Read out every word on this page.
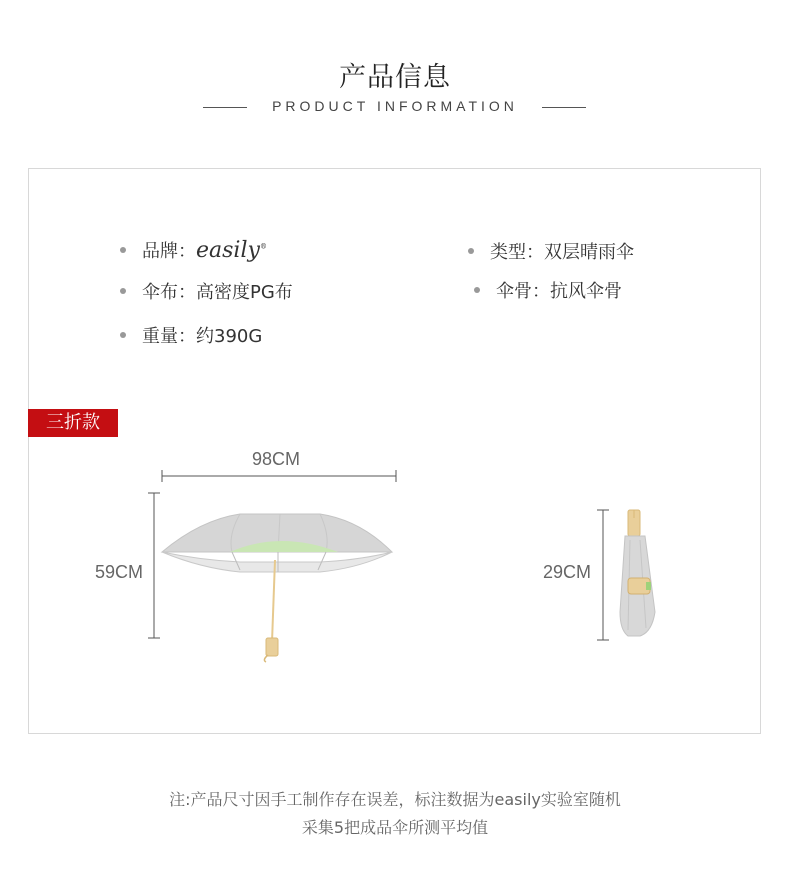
产品信息
PRODUCT INFORMATION
品牌：easily®	类型：双层晴雨伞
伞布：高密度PG布	伞骨：抗风伞骨
重量：约390G
三折款
98CM
59CM	29CM
注:产品尺寸因手工制作存在误差，标注数据为easily实验室随机
采集5把成品伞所测平均值
